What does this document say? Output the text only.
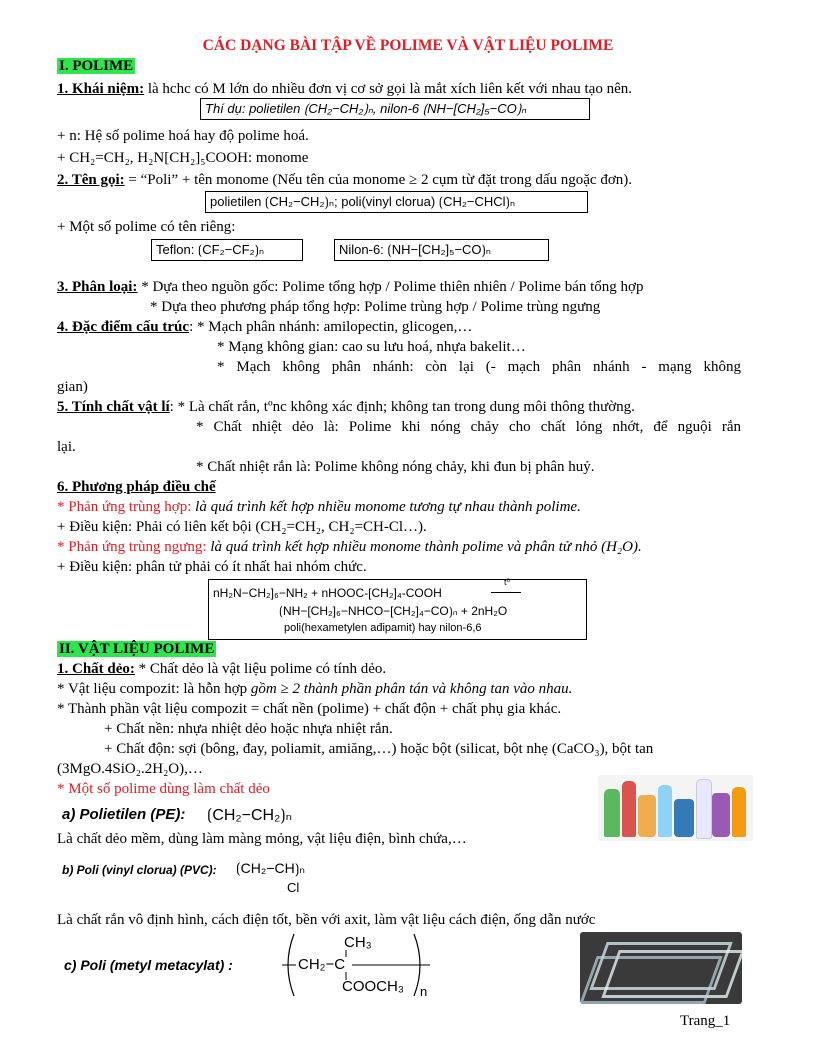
CÁC DẠNG BÀI TẬP VỀ POLIME VÀ VẬT LIỆU POLIME
I. POLIME
1. Khái niệm: là hchc có M lớn do nhiều đơn vị cơ sở gọi là mắt xích liên kết với nhau tạo nên.
Thí dụ: polietilen ⟮CH₂−CH₂⟯ₙ, nilon-6 ⟮NH−[CH₂]₅−CO⟯ₙ
+ n: Hệ số polime hoá hay độ polime hoá.
+ CH₂=CH₂, H₂N[CH₂]₅COOH: monome
2. Tên gọi: = “Poli” + tên monome (Nếu tên của monome ≥ 2 cụm từ đặt trong dấu ngoặc đơn).
polietilen ⟮CH₂−CH₂⟯ₙ; poli(vinyl clorua) ⟮CH₂−CHCl⟯ₙ
+ Một số polime có tên riêng:
Teflon: ⟮CF₂−CF₂⟯ₙ	Nilon-6: ⟮NH−[CH₂]₅−CO⟯ₙ
3. Phân loại: * Dựa theo nguồn gốc: Polime tổng hợp / Polime thiên nhiên / Polime bán tổng hợp
* Dựa theo phương pháp tổng hợp: Polime trùng hợp / Polime trùng ngưng
4. Đặc điểm cấu trúc: * Mạch phân nhánh: amilopectin, glicogen,…
* Mạng không gian: cao su lưu hoá, nhựa bakelit…
* Mạch không phân nhánh: còn lại (- mạch phân nhánh - mạng không
gian)
5. Tính chất vật lí: * Là chất rắn, tºnc không xác định; không tan trong dung môi thông thường.
* Chất nhiệt dẻo là: Polime khi nóng chảy cho chất lỏng nhớt, để nguội rắn
lại.
* Chất nhiệt rắn là: Polime không nóng chảy, khi đun bị phân huỷ.
6. Phương pháp điều chế
* Phản ứng trùng hợp: là quá trình kết hợp nhiều monome tương tự nhau thành polime.
+ Điều kiện: Phải có liên kết bội (CH₂=CH₂, CH₂=CH-Cl…).
* Phản ứng trùng ngưng: là quá trình kết hợp nhiều monome thành polime và phân tử nhỏ (H₂O).
+ Điều kiện: phân tử phải có ít nhất hai nhóm chức.
nH₂N−CH₂]₆−NH₂ + nHOOC-[CH₂]₄-COOH
t⁰
⟮NH−[CH₂]₆−NHCO−[CH₂]₄−CO⟯ₙ + 2nH₂O
poli(hexametylen ađipamit) hay nilon-6,6
II. VẬT LIỆU POLIME
1. Chất dẻo: * Chất dẻo là vật liệu polime có tính dẻo.
* Vật liệu compozit: là hỗn hợp gồm ≥ 2 thành phần phân tán và không tan vào nhau.
* Thành phần vật liệu compozit = chất nền (polime) + chất độn + chất phụ gia khác.
+ Chất nền: nhựa nhiệt dẻo hoặc nhựa nhiệt rắn.
+ Chất độn: sợi (bông, đay, poliamit, amiăng,…) hoặc bột (silicat, bột nhẹ (CaCO₃), bột tan
(3MgO.4SiO₂.2H₂O),…
* Một số polime dùng làm chất dẻo
a) Polietilen (PE): ⟮CH₂−CH₂⟯ₙ
Là chất dẻo mềm, dùng làm màng mỏng, vật liệu điện, bình chứa,…
b) Poli (vinyl clorua) (PVC): ⟮CH₂−CH⟯ₙ
Cl
Là chất rắn vô định hình, cách điện tốt, bền với axit, làm vật liệu cách điện, ống dẫn nước
c) Poli (metyl metacylat) :
CH₃
CH₂−C
COOCH₃ n
Trang_1
